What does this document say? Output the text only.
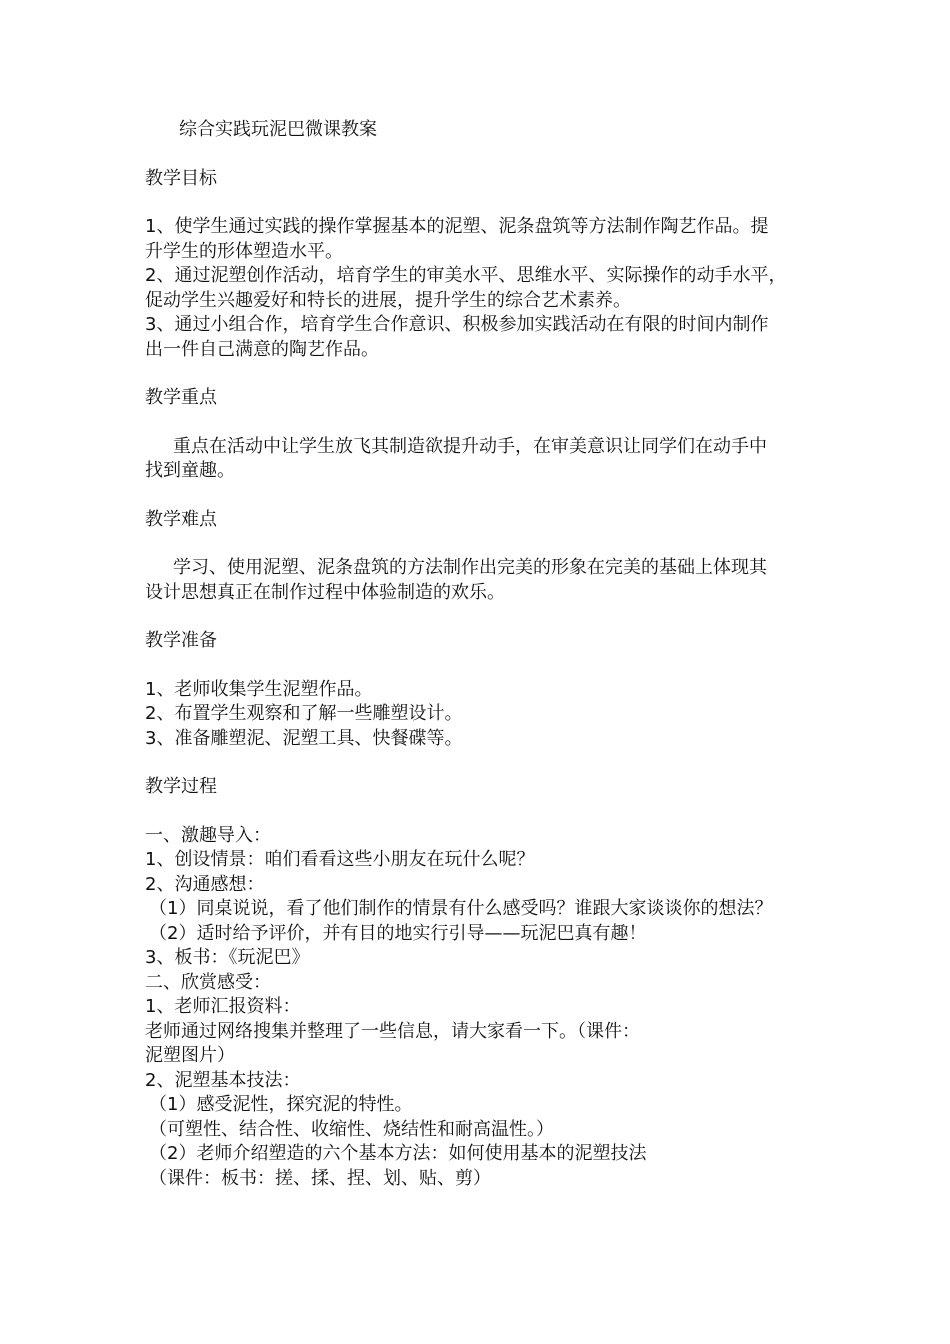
综合实践玩泥巴微课教案

教学目标

1、使学生通过实践的操作掌握基本的泥塑、泥条盘筑等方法制作陶艺作品。提

升学生的形体塑造水平。

2、通过泥塑创作活动，培育学生的审美水平、思维水平、实际操作的动手水平，

促动学生兴趣爱好和特长的进展，提升学生的综合艺术素养。

3、通过小组合作，培育学生合作意识、积极参加实践活动在有限的时间内制作

出一件自己满意的陶艺作品。

教学重点

重点在活动中让学生放飞其制造欲提升动手，在审美意识让同学们在动手中

找到童趣。

教学难点

学习、使用泥塑、泥条盘筑的方法制作出完美的形象在完美的基础上体现其

设计思想真正在制作过程中体验制造的欢乐。

教学准备

1、老师收集学生泥塑作品。

2、布置学生观察和了解一些雕塑设计。

3、准备雕塑泥、泥塑工具、快餐碟等。

教学过程

一、激趣导入：

1、创设情景：咱们看看这些小朋友在玩什么呢？

2、沟通感想：

（1）同桌说说，看了他们制作的情景有什么感受吗？谁跟大家谈谈你的想法？

（2）适时给予评价，并有目的地实行引导——玩泥巴真有趣！

3、板书：《玩泥巴》

二、欣赏感受：

1、老师汇报资料：

老师通过网络搜集并整理了一些信息，请大家看一下。（课件：

泥塑图片）

2、泥塑基本技法：

（1）感受泥性，探究泥的特性。

（可塑性、结合性、收缩性、烧结性和耐高温性。）

（2）老师介绍塑造的六个基本方法：如何使用基本的泥塑技法

（课件：板书：搓、揉、捏、划、贴、剪）
